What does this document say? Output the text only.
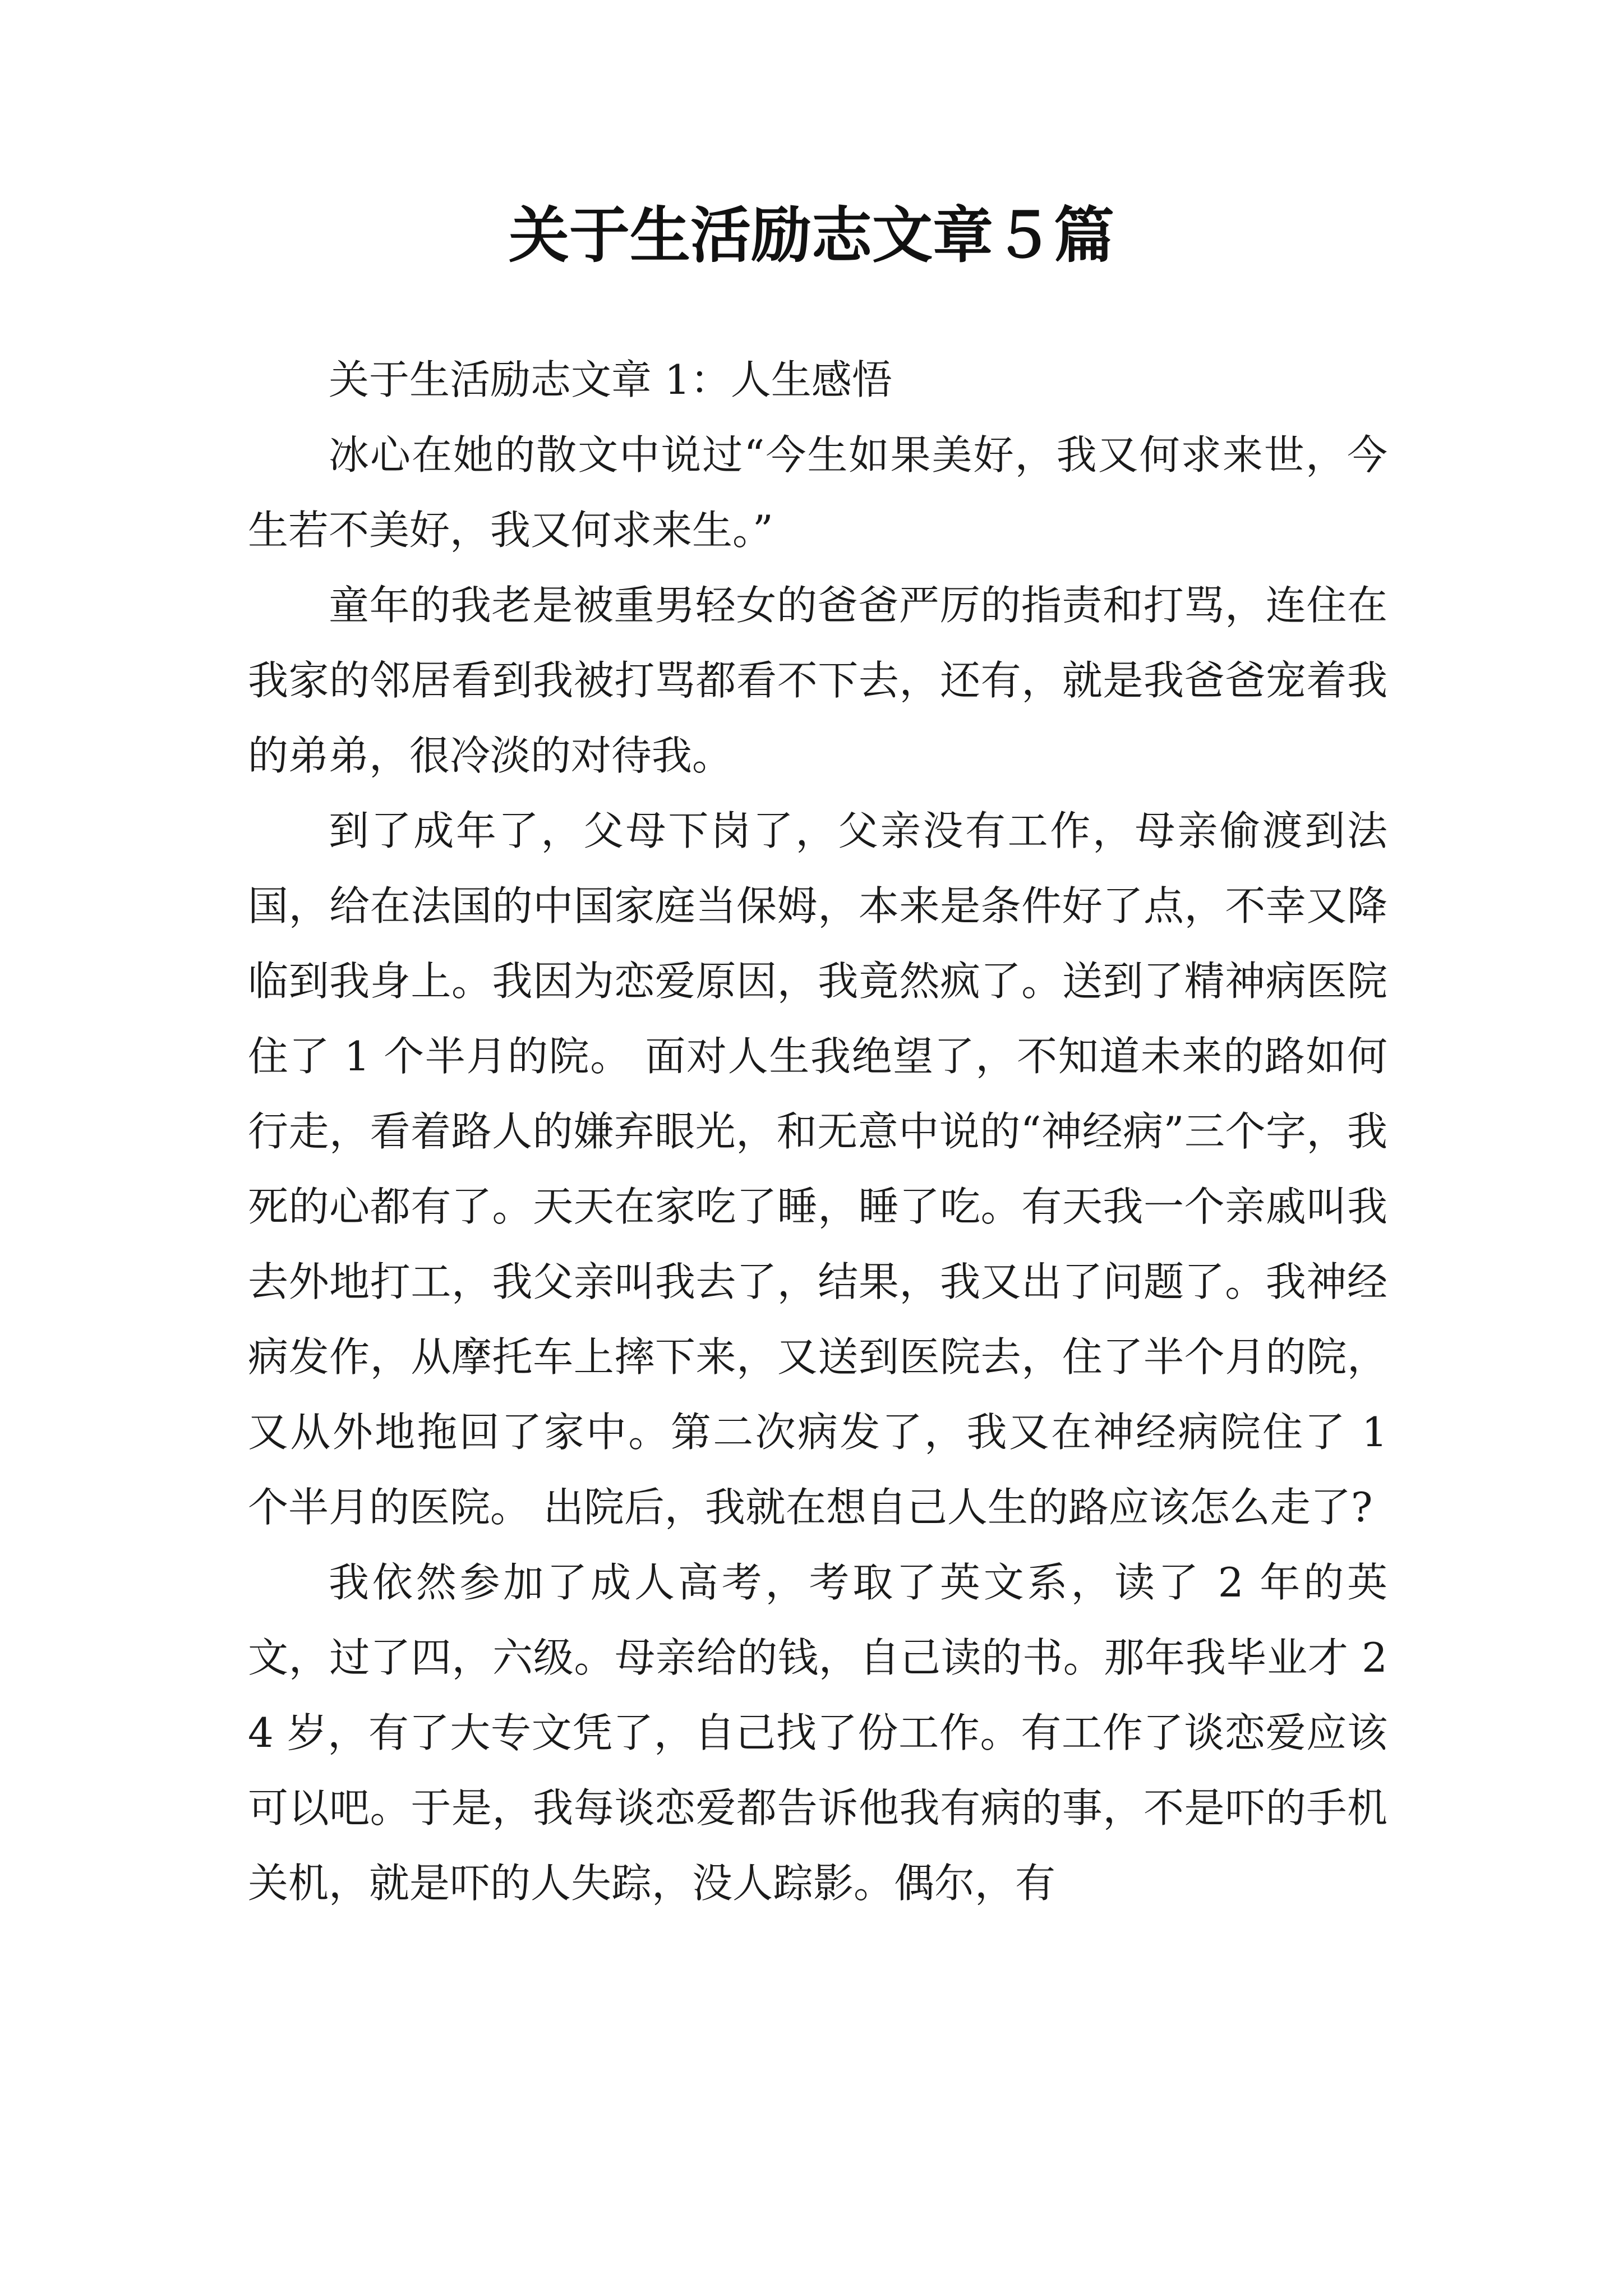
关于生活励志文章５篇

关于生活励志文章 1：人生感悟

冰心在她的散文中说过“今生如果美好，我又何求来世，今生若不美好，我又何求来生。”

童年的我老是被重男轻女的爸爸严厉的指责和打骂，连住在我家的邻居看到我被打骂都看不下去，还有，就是我爸爸宠着我的弟弟，很冷淡的对待我。

到了成年了，父母下岗了，父亲没有工作，母亲偷渡到法国，给在法国的中国家庭当保姆，本来是条件好了点，不幸又降临到我身上。我因为恋爱原因，我竟然疯了。送到了精神病医院住了 1 个半月的院。 面对人生我绝望了，不知道未来的路如何行走，看着路人的嫌弃眼光，和无意中说的“神经病”三个字，我死的心都有了。天天在家吃了睡，睡了吃。有天我一个亲戚叫我去外地打工，我父亲叫我去了，结果，我又出了问题了。我神经病发作，从摩托车上摔下来，又送到医院去，住了半个月的院，又从外地拖回了家中。第二次病发了，我又在神经病院住了 1 个半月的医院。 出院后，我就在想自己人生的路应该怎么走了?

我依然参加了成人高考，考取了英文系，读了 2 年的英文，过了四，六级。母亲给的钱，自己读的书。那年我毕业才 24 岁，有了大专文凭了，自己找了份工作。有工作了谈恋爱应该可以吧。于是，我每谈恋爱都告诉他我有病的事，不是吓的手机关机，就是吓的人失踪，没人踪影。偶尔，有
